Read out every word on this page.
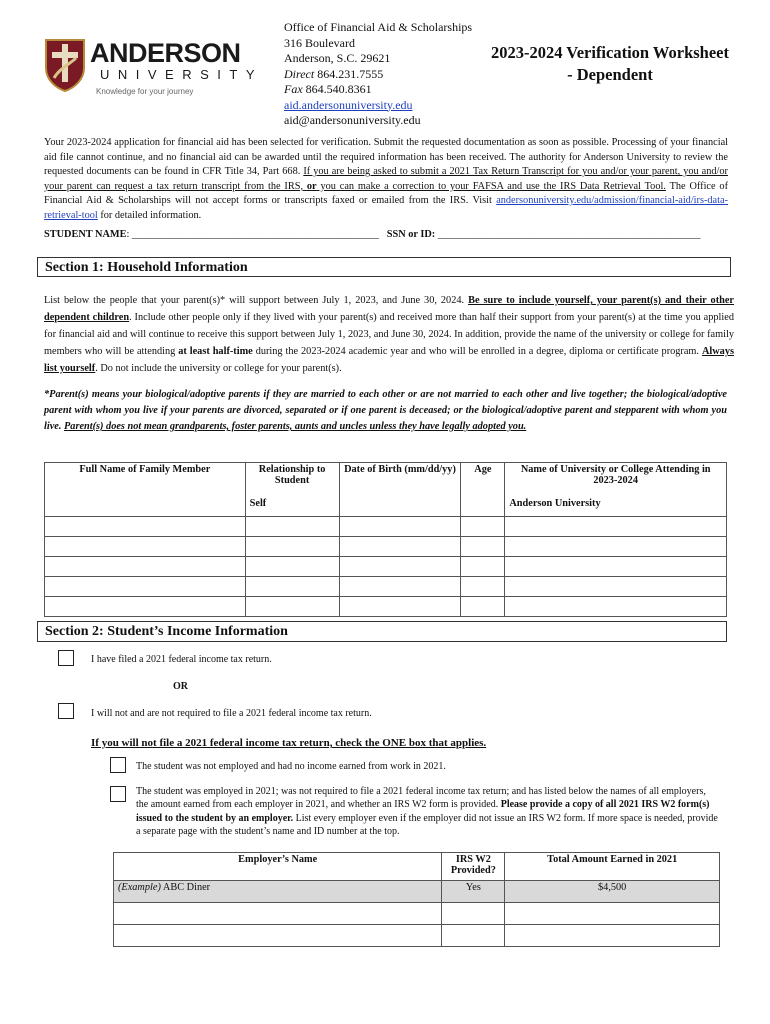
ANDERSON
UNIVERSITY
Knowledge for your journey
Office of Financial Aid & Scholarships
316 Boulevard
Anderson, S.C. 29621
Direct 864.231.7555
Fax 864.540.8361
aid.andersonuniversity.edu
aid@andersonuniversity.edu
2023-2024 Verification Worksheet
- Dependent
Your 2023-2024 application for financial aid has been selected for verification. Submit the requested documentation as soon as possible. Processing of your financial aid file cannot continue, and no financial aid can be awarded until the required information has been received. The authority for Anderson University to review the requested documents can be found in CFR Title 34, Part 668. If you are being asked to submit a 2021 Tax Return Transcript for you and/or your parent, you and/or your parent can request a tax return transcript from the IRS, or you can make a correction to your FAFSA and use the IRS Data Retrieval Tool. The Office of Financial Aid & Scholarships will not accept forms or transcripts faxed or emailed from the IRS. Visit andersonuniversity.edu/admission/financial-aid/irs-data-retrieval-tool for detailed information.
STUDENT NAME: ________________________________________________ SSN or ID: ___________________________________________________
Section 1: Household Information
List below the people that your parent(s)* will support between July 1, 2023, and June 30, 2024. Be sure to include yourself, your parent(s) and their other dependent children. Include other people only if they lived with your parent(s) and received more than half their support from your parent(s) at the time you applied for financial aid and will continue to receive this support between July 1, 2023, and June 30, 2024. In addition, provide the name of the university or college for family members who will be attending at least half-time during the 2023-2024 academic year and who will be enrolled in a degree, diploma or certificate program. Always list yourself. Do not include the university or college for your parent(s).
*Parent(s) means your biological/adoptive parents if they are married to each other or are not married to each other and live together; the biological/adoptive parent with whom you live if your parents are divorced, separated or if one parent is deceased; or the biological/adoptive parent and stepparent with whom you live. Parent(s) does not mean grandparents, foster parents, aunts and uncles unless they have legally adopted you.
Full Name of Family Member	Relationship to Student	Date of Birth (mm/dd/yy)	Age	Name of University or College Attending in 2023-2024
	Self			Anderson University

Section 2: Student’s Income Information
I have filed a 2021 federal income tax return.
OR
I will not and are not required to file a 2021 federal income tax return.
If you will not file a 2021 federal income tax return, check the ONE box that applies.
The student was not employed and had no income earned from work in 2021.
The student was employed in 2021; was not required to file a 2021 federal income tax return; and has listed below the names of all employers, the amount earned from each employer in 2021, and whether an IRS W2 form is provided. Please provide a copy of all 2021 IRS W2 form(s) issued to the student by an employer. List every employer even if the employer did not issue an IRS W2 form. If more space is needed, provide a separate page with the student’s name and ID number at the top.
Employer’s Name	IRS W2 Provided?	Total Amount Earned in 2021
(Example) ABC Diner	Yes	$4,500
